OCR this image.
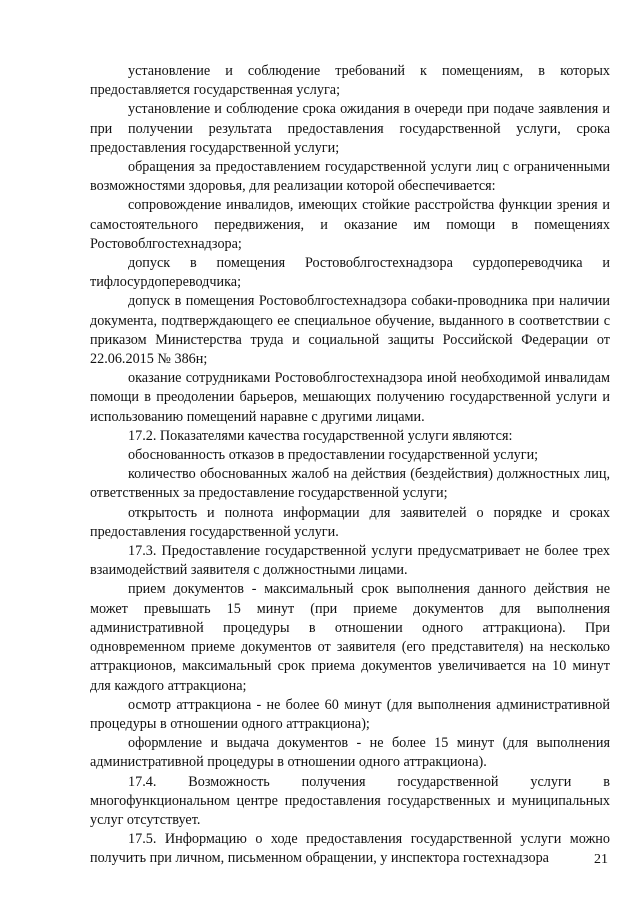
установление и соблюдение требований к помещениям, в которых предоставляется государственная услуга;

установление и соблюдение срока ожидания в очереди при подаче заявления и при получении результата предоставления государственной услуги, срока предоставления государственной услуги;

обращения за предоставлением государственной услуги лиц с ограниченными возможностями здоровья, для реализации которой обеспечивается:

сопровождение инвалидов, имеющих стойкие расстройства функции зрения и самостоятельного передвижения, и оказание им помощи в помещениях Ростовоблгостехнадзора;

допуск в помещения Ростовоблгостехнадзора сурдопереводчика и тифлосурдопереводчика;

допуск в помещения Ростовоблгостехнадзора собаки-проводника при наличии документа, подтверждающего ее специальное обучение, выданного в соответствии с приказом Министерства труда и социальной защиты Российской Федерации от 22.06.2015 № 386н;

оказание сотрудниками Ростовоблгостехнадзора иной необходимой инвалидам помощи в преодолении барьеров, мешающих получению государственной услуги и использованию помещений наравне с другими лицами.

17.2. Показателями качества государственной услуги являются:

обоснованность отказов в предоставлении государственной услуги;

количество обоснованных жалоб на действия (бездействия) должностных лиц, ответственных за предоставление государственной услуги;

открытость и полнота информации для заявителей о порядке и сроках предоставления государственной услуги.

17.3. Предоставление государственной услуги предусматривает не более трех взаимодействий заявителя с должностными лицами.

прием документов - максимальный срок выполнения данного действия не может превышать 15 минут (при приеме документов для выполнения административной процедуры в отношении одного аттракциона). При одновременном приеме документов от заявителя (его представителя) на несколько аттракционов, максимальный срок приема документов увеличивается на 10 минут для каждого аттракциона;

осмотр аттракциона - не более 60 минут (для выполнения административной процедуры в отношении одного аттракциона);

оформление и выдача документов - не более 15 минут (для выполнения административной процедуры в отношении одного аттракциона).

17.4. Возможность получения государственной услуги в многофункциональном центре предоставления государственных и муниципальных услуг отсутствует.

17.5. Информацию о ходе предоставления государственной услуги можно получить при личном, письменном обращении, у инспектора гостехнадзора	21
